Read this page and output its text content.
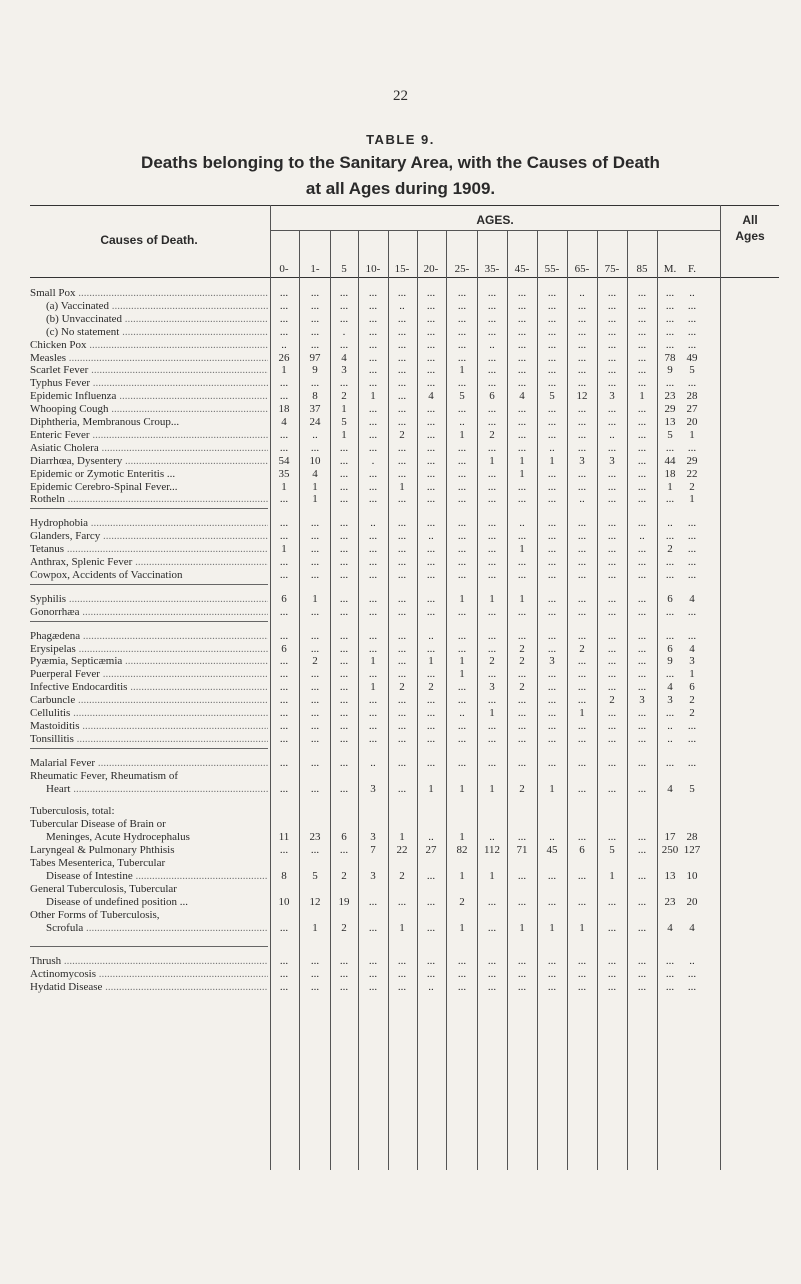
22
TABLE 9.
Deaths belonging to the Sanitary Area, with the Causes of Death
at all Ages during 1909.
Causes of Death.
AGES.	All
Ages
0-	1-	5	10-	15-	20-	25-	35-	45-	55-	65-	75-	85	M.	F.
Small Pox .....	...	...	...	...	...	...	...	...	...	...	..	...	...	...	..
(a) Vaccinated .....	...	...	...	...	..	...	...	...	...	...	...	...	...	...	...
(b) Unvaccinated .....	...	...	...	...	...	...	...	...	...	...	...	...	...	...	...
(c) No statement .....	...	...	.	...	...	...	...	...	...	...	...	...	...	...	...
Chicken Pox .....	..	...	...	...	...	...	...	..	...	...	...	...	...	...	...
Measles .....	26	97	4	...	...	...	...	...	...	...	...	...	...	78	49
Scarlet Fever .....	1	9	3	...	...	...	1	...	...	...	...	...	...	9	5
Typhus Fever .....	...	...	...	...	...	...	...	...	...	...	...	...	...	...	...
Epidemic Influenza .....	...	8	2	1	...	4	5	6	4	5	12	3	1	23	28
Whooping Cough .....	18	37	1	...	...	...	...	...	...	...	...	...	...	29	27
Diphtheria, Membranous Croup...	4	24	5	...	...	...	..	...	...	...	...	...	...	13	20
Enteric Fever .....	...	..	1	...	2	...	1	2	...	...	...	..	...	5	1
Asiatic Cholera .....	...	...	...	...	...	...	...	...	...	..	...	...	...	...	...
Diarrhœa, Dysentery .....	54	10	...	.	...	...	...	1	1	1	3	3	...	44	29
Epidemic or Zymotic Enteritis ...	35	4	...	...	...	...	...	...	1	...	...	...	...	18	22
Epidemic Cerebro-Spinal Fever...	1	1	...	...	1	...	...	...	...	...	...	...	...	1	2
Rotheln .....	...	1	...	...	...	...	...	...	...	...	..	...	...	...	1
Hydrophobia .....	...	...	...	..	...	...	...	...	..	...	...	...	...	..	...
Glanders, Farcy .....	...	...	...	...	...	..	...	...	...	...	...	...	..	...	...
Tetanus .....	1	...	...	...	...	...	...	...	1	...	...	...	...	2	...
Anthrax, Splenic Fever .....	...	...	...	...	...	...	...	...	...	...	...	...	...	...	...
Cowpox, Accidents of Vaccination	...	...	...	...	...	...	...	...	...	...	...	...	...	...	...
Syphilis .....	6	1	...	...	...	...	1	1	1	...	...	...	...	6	4
Gonorrhæa .....	...	...	...	...	...	...	...	...	...	...	...	...	...	...	...
Phagædena .....	...	...	...	...	...	..	...	...	...	...	...	...	...	...	...
Erysipelas .....	6	...	...	...	...	...	...	...	2	...	2	...	...	6	4
Pyæmia, Septicæmia .....	...	2	...	1	...	1	1	2	2	3	...	...	...	9	3
Puerperal Fever .....	...	...	...	...	...	...	1	...	...	...	...	...	...	...	1
Infective Endocarditis .....	...	...	...	1	2	2	...	3	2	...	...	...	...	4	6
Carbuncle .....	...	...	...	...	...	...	...	...	...	...	...	2	3	3	2
Cellulitis .....	...	...	...	...	...	...	..	1	...	...	1	...	...	...	2
Mastoiditis .....	...	...	...	...	...	...	...	...	...	...	...	...	...	..	...
Tonsillitis .....	...	...	...	...	...	...	...	...	...	...	...	...	...	..	...
Malarial Fever .....	...	...	...	..	...	...	...	...	...	...	...	...	...	...	...
Rheumatic Fever, Rheumatism of
Heart .....	...	...	...	3	...	1	1	1	2	1	...	...	...	4	5
Tuberculosis, total:
Tubercular Disease of Brain or
Meninges, Acute Hydrocephalus	11	23	6	3	1	..	1	..	...	..	...	...	...	17	28
Laryngeal & Pulmonary Phthisis	...	...	...	7	22	27	82	112	71	45	6	5	...	250 127
Tabes Mesenterica, Tubercular
Disease of Intestine .....	8	5	2	3	2	...	1	1	...	...	...	1	...	13	10
General Tuberculosis, Tubercular
Disease of undefined position ...	10	12	19	...	...	...	2	...	...	...	...	...	...	23	20
Other Forms of Tuberculosis,
Scrofula .....	...	1	2	...	1	...	1	...	1	1	1	...	...	4	4
Thrush .....	...	...	...	...	...	...	...	...	...	...	...	...	...	...	..
Actinomycosis .....	...	...	...	...	...	...	...	...	...	...	...	...	...	...	...
Hydatid Disease .....	...	...	...	...	...	..	...	...	...	...	...	...	...	...	...
